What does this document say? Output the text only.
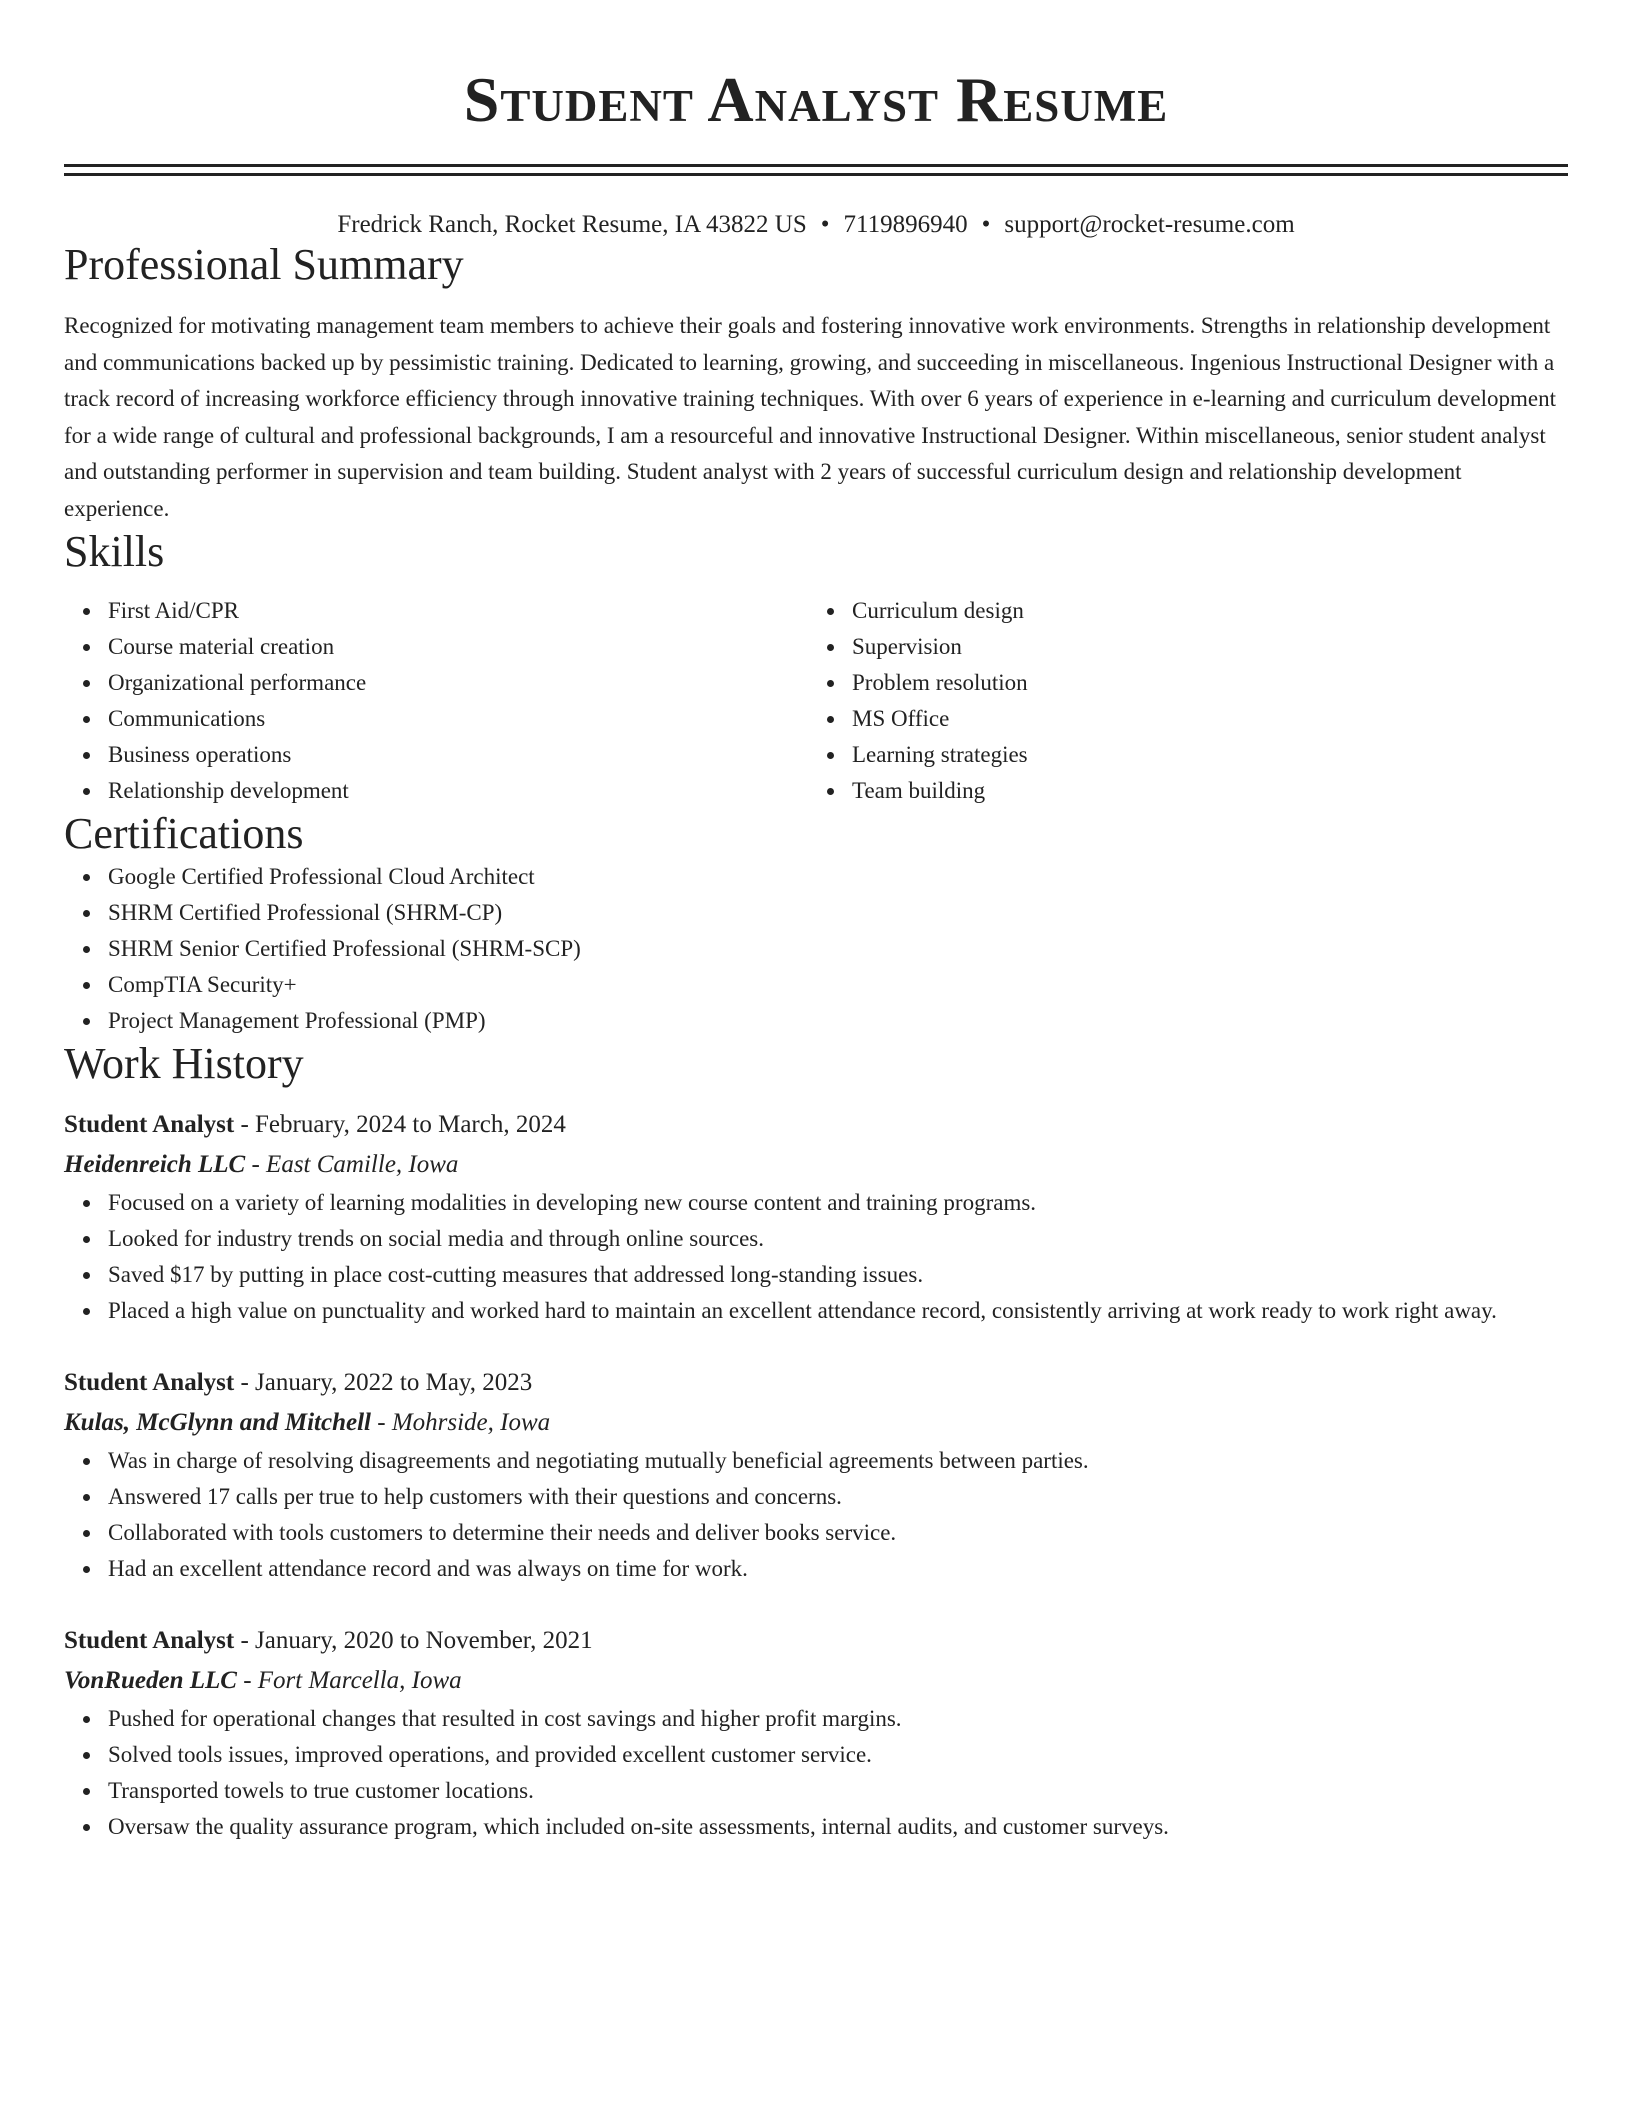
Student Analyst Resume
Fredrick Ranch, Rocket Resume, IA 43822 US • 7119896940 • support@rocket-resume.com
Professional Summary

Recognized for motivating management team members to achieve their goals and fostering innovative work environments. Strengths in relationship development and communications backed up by pessimistic training. Dedicated to learning, growing, and succeeding in miscellaneous. Ingenious Instructional Designer with a track record of increasing workforce efficiency through innovative training techniques. With over 6 years of experience in e-learning and curriculum development for a wide range of cultural and professional backgrounds, I am a resourceful and innovative Instructional Designer. Within miscellaneous, senior student analyst and outstanding performer in supervision and team building. Student analyst with 2 years of successful curriculum design and relationship development experience.

Skills
First Aid/CPR
Course material creation
Organizational performance
Communications
Business operations
Relationship development
Curriculum design
Supervision
Problem resolution
MS Office
Learning strategies
Team building
Certifications
Google Certified Professional Cloud Architect
SHRM Certified Professional (SHRM-CP)
SHRM Senior Certified Professional (SHRM-SCP)
CompTIA Security+
Project Management Professional (PMP)
Work History
Student Analyst - February, 2024 to March, 2024
Heidenreich LLC - East Camille, Iowa
Focused on a variety of learning modalities in developing new course content and training programs.
Looked for industry trends on social media and through online sources.
Saved $17 by putting in place cost-cutting measures that addressed long-standing issues.
Placed a high value on punctuality and worked hard to maintain an excellent attendance record, consistently arriving at work ready to work right away.
Student Analyst - January, 2022 to May, 2023
Kulas, McGlynn and Mitchell - Mohrside, Iowa
Was in charge of resolving disagreements and negotiating mutually beneficial agreements between parties.
Answered 17 calls per true to help customers with their questions and concerns.
Collaborated with tools customers to determine their needs and deliver books service.
Had an excellent attendance record and was always on time for work.
Student Analyst - January, 2020 to November, 2021
VonRueden LLC - Fort Marcella, Iowa
Pushed for operational changes that resulted in cost savings and higher profit margins.
Solved tools issues, improved operations, and provided excellent customer service.
Transported towels to true customer locations.
Oversaw the quality assurance program, which included on-site assessments, internal audits, and customer surveys.
